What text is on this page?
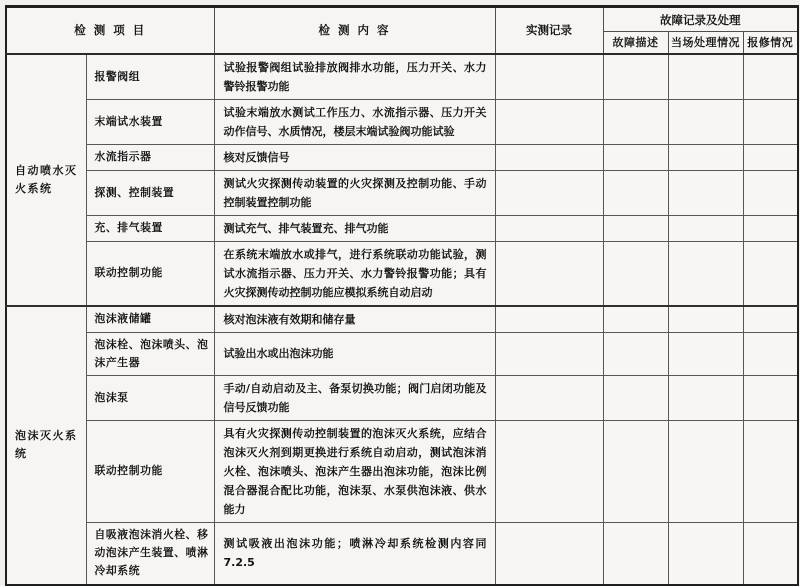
检 测 项 目		检 测 内 容	实测记录	故障记录及处理		
				故障描述	当场处理情况	报修情况
自动喷水灭火系统	报警阀组	试验报警阀组试验排放阀排水功能，压力开关、水力警铃报警功能				
	末端试水装置	试验末端放水测试工作压力、水流指示器、压力开关动作信号、水质情况，楼层末端试验阀功能试验				
	水流指示器	核对反馈信号				
	探测、控制装置	测试火灾探测传动装置的火灾探测及控制功能、手动控制装置控制功能				
	充、排气装置	测试充气、排气装置充、排气功能				
	联动控制功能	在系统末端放水或排气，进行系统联动功能试验，测试水流指示器、压力开关、水力警铃报警功能；具有火灾探测传动控制功能应模拟系统自动启动				
泡沫灭火系统	泡沫液储罐	核对泡沫液有效期和储存量				
	泡沫栓、泡沫喷头、泡沫产生器	试验出水或出泡沫功能				
	泡沫泵	手动/自动启动及主、备泵切换功能；阀门启闭功能及信号反馈功能				
	联动控制功能	具有火灾探测传动控制装置的泡沫灭火系统，应结合泡沫灭火剂到期更换进行系统自动启动，测试泡沫消火栓、泡沫喷头、泡沫产生器出泡沫功能，泡沫比例混合器混合配比功能，泡沫泵、水泵供泡沫液、供水能力				
	自吸液泡沫消火栓、移动泡沫产生装置、喷淋冷却系统	测试吸液出泡沫功能；喷淋冷却系统检测内容同 7.2.5				
